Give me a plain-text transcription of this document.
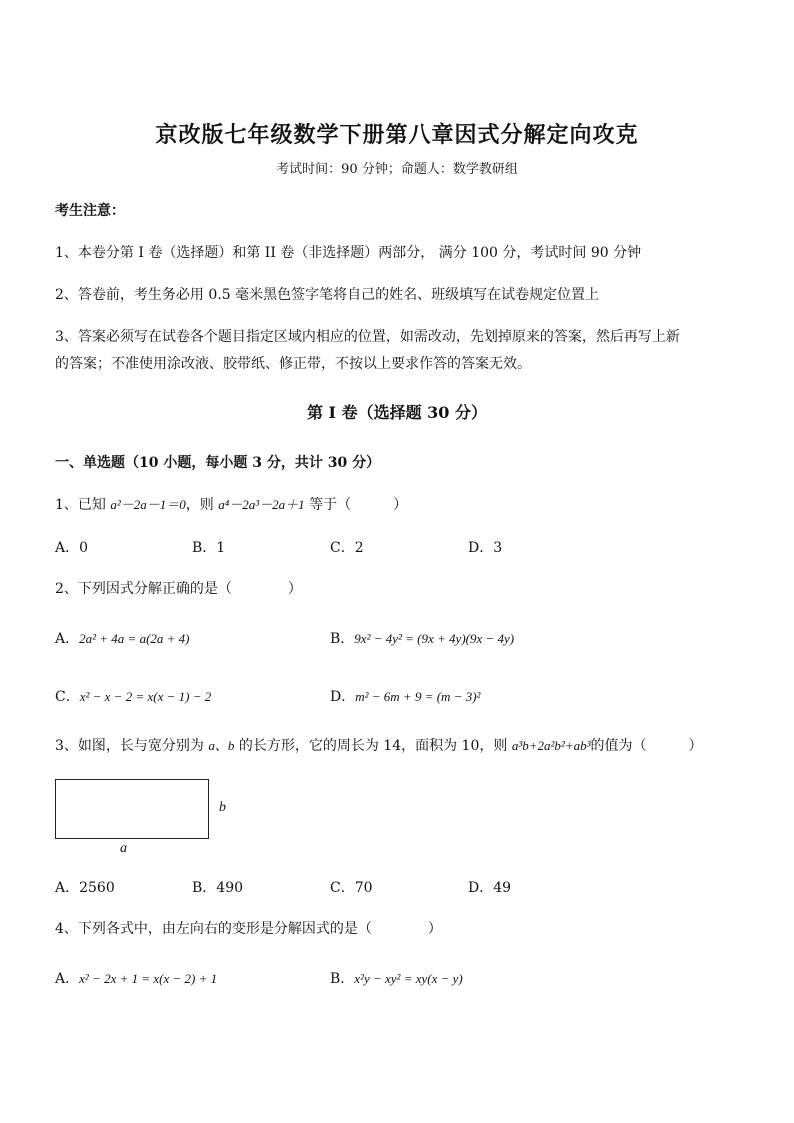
京改版七年级数学下册第八章因式分解定向攻克
考试时间：90 分钟；命题人：数学教研组
考生注意：
1、本卷分第 I 卷（选择题）和第 II 卷（非选择题）两部分， 满分 100 分，考试时间 90 分钟
2、答卷前，考生务必用 0.5 毫米黑色签字笔将自己的姓名、班级填写在试卷规定位置上
3、答案必须写在试卷各个题目指定区域内相应的位置，如需改动，先划掉原来的答案，然后再写上新
的答案；不准使用涂改液、胶带纸、修正带，不按以上要求作答的答案无效。
第 I 卷（选择题 30 分）
一、单选题（10 小题，每小题 3 分，共计 30 分）
1、已知 a²－2a－1＝0，则 a⁴－2a³－2a＋1 等于（　　　）
A．0	B．1	C．2	D．3
2、下列因式分解正确的是（　　　　）
A．2a² + 4a = a(2a + 4)	B．9x² − 4y² = (9x + 4y)(9x − 4y)
C．x² − x − 2 = x(x − 1) − 2	D．m² − 6m + 9 = (m − 3)²
3、如图，长与宽分别为 a、b 的长方形，它的周长为 14，面积为 10，则 a³b+2a²b²+ab³的值为（　　　）
b
a
A．2560	B．490	C．70	D．49
4、下列各式中，由左向右的变形是分解因式的是（　　　　）
A．x² − 2x + 1 = x(x − 2) + 1	B．x²y − xy² = xy(x − y)
